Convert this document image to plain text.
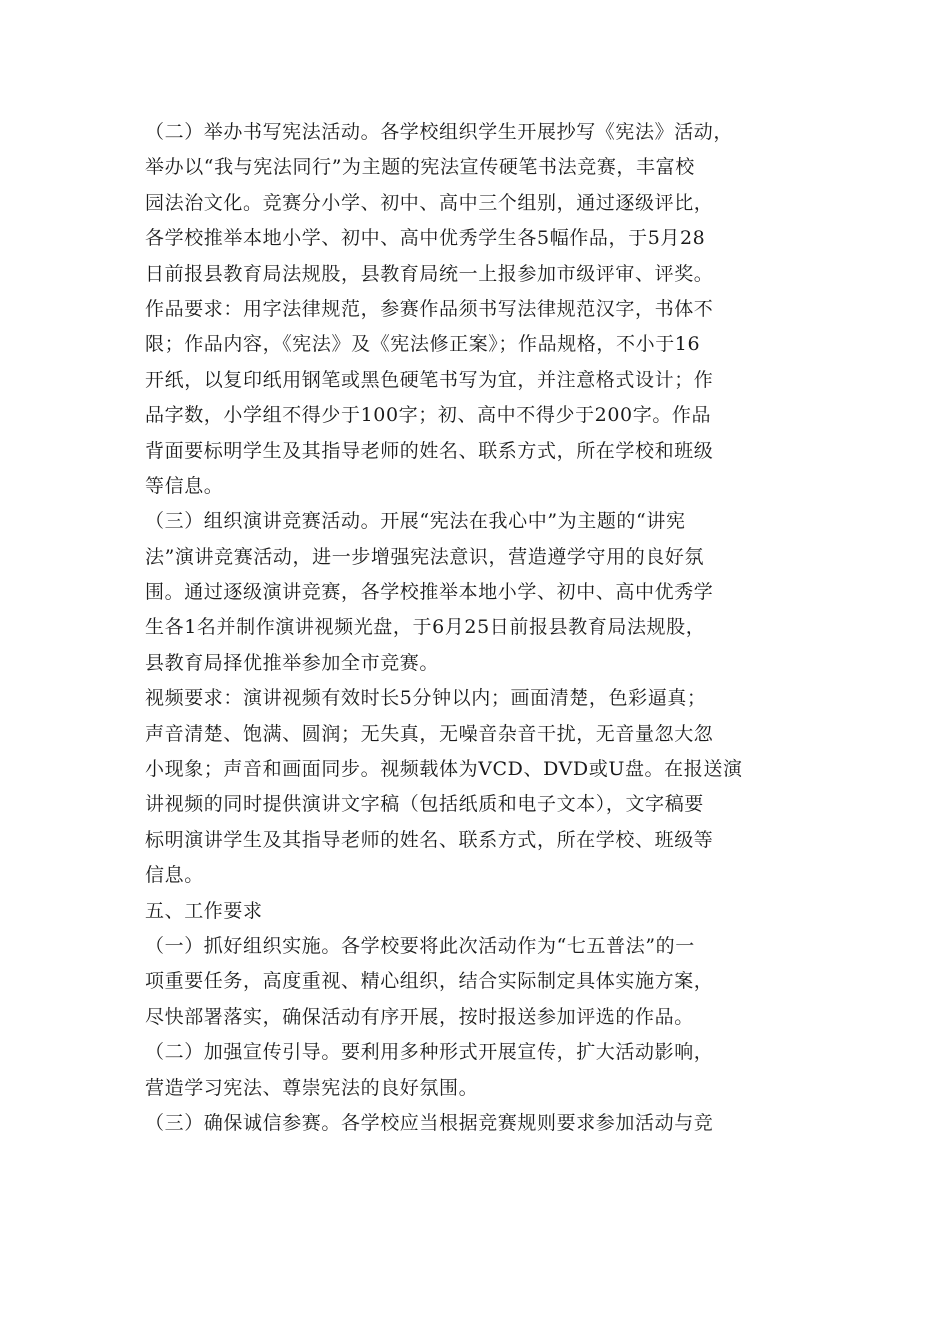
（二）举办书写宪法活动。各学校组织学生开展抄写《宪法》活动，
举办以“我与宪法同行”为主题的宪法宣传硬笔书法竞赛，丰富校
园法治文化。竞赛分小学、初中、高中三个组别，通过逐级评比，
各学校推举本地小学、初中、高中优秀学生各5幅作品，于5月28
日前报县教育局法规股，县教育局统一上报参加市级评审、评奖。
作品要求：用字法律规范，参赛作品须书写法律规范汉字，书体不
限；作品内容，《宪法》及《宪法修正案》；作品规格，不小于16
开纸，以复印纸用钢笔或黑色硬笔书写为宜，并注意格式设计；作
品字数，小学组不得少于100字；初、高中不得少于200字。作品
背面要标明学生及其指导老师的姓名、联系方式，所在学校和班级
等信息。
（三）组织演讲竞赛活动。开展“宪法在我心中”为主题的“讲宪
法”演讲竞赛活动，进一步增强宪法意识，营造遵学守用的良好氛
围。通过逐级演讲竞赛，各学校推举本地小学、初中、高中优秀学
生各1名并制作演讲视频光盘，于6月25日前报县教育局法规股，
县教育局择优推举参加全市竞赛。
视频要求：演讲视频有效时长5分钟以内；画面清楚，色彩逼真；
声音清楚、饱满、圆润；无失真，无噪音杂音干扰，无音量忽大忽
小现象；声音和画面同步。视频载体为VCD、DVD或U盘。在报送演
讲视频的同时提供演讲文字稿（包括纸质和电子文本），文字稿要
标明演讲学生及其指导老师的姓名、联系方式，所在学校、班级等
信息。
五、工作要求
（一）抓好组织实施。各学校要将此次活动作为“七五普法”的一
项重要任务，高度重视、精心组织，结合实际制定具体实施方案，
尽快部署落实，确保活动有序开展，按时报送参加评选的作品。
（二）加强宣传引导。要利用多种形式开展宣传，扩大活动影响，
营造学习宪法、尊崇宪法的良好氛围。
（三）确保诚信参赛。各学校应当根据竞赛规则要求参加活动与竞
